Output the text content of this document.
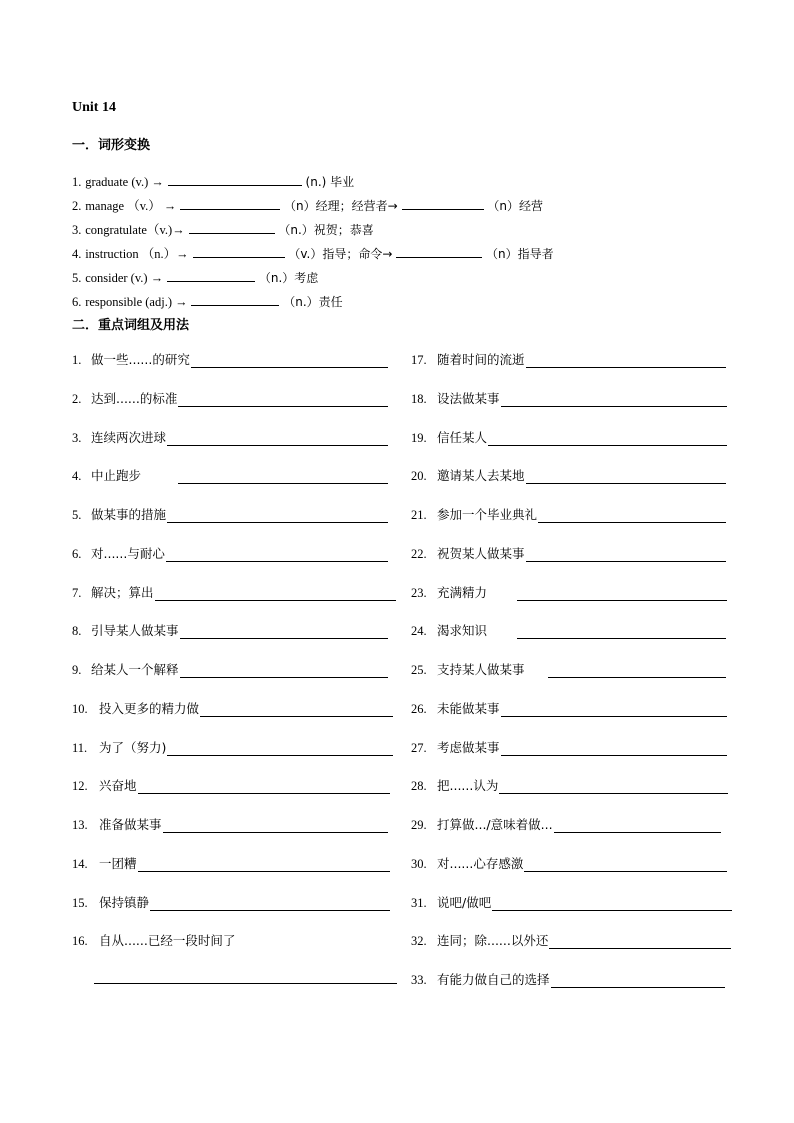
Unit 14
一．词形变换
1. graduate (v.) →	(n.) 毕业
2. manage （v.） →	（n）经理；经营者→	（n）经营
3. congratulate（v.)→	（n.）祝贺；恭喜
4. instruction （n.）→	（v.）指导；命令→	（n）指导者
5. consider (v.) →	（n.）考虑
6. responsible (adj.) →	（n.）责任
二．重点词组及用法
1. 做一些......的研究
2. 达到......的标准
3. 连续两次进球
4. 中止跑步
5. 做某事的措施
6. 对......与耐心
7. 解决；算出
8. 引导某人做某事
9. 给某人一个解释
10. 投入更多的精力做
11. 为了（努力)
12. 兴奋地
13. 准备做某事
14. 一团糟
15. 保持镇静
16. 自从......已经一段时间了
17. 随着时间的流逝
18. 设法做某事
19. 信任某人
20. 邀请某人去某地
21. 参加一个毕业典礼
22. 祝贺某人做某事
23. 充满精力
24. 渴求知识
25. 支持某人做某事
26. 未能做某事
27. 考虑做某事
28. 把......认为
29. 打算做.../意味着做...
30. 对......心存感激
31. 说吧/做吧
32. 连同；除......以外还
33. 有能力做自己的选择
